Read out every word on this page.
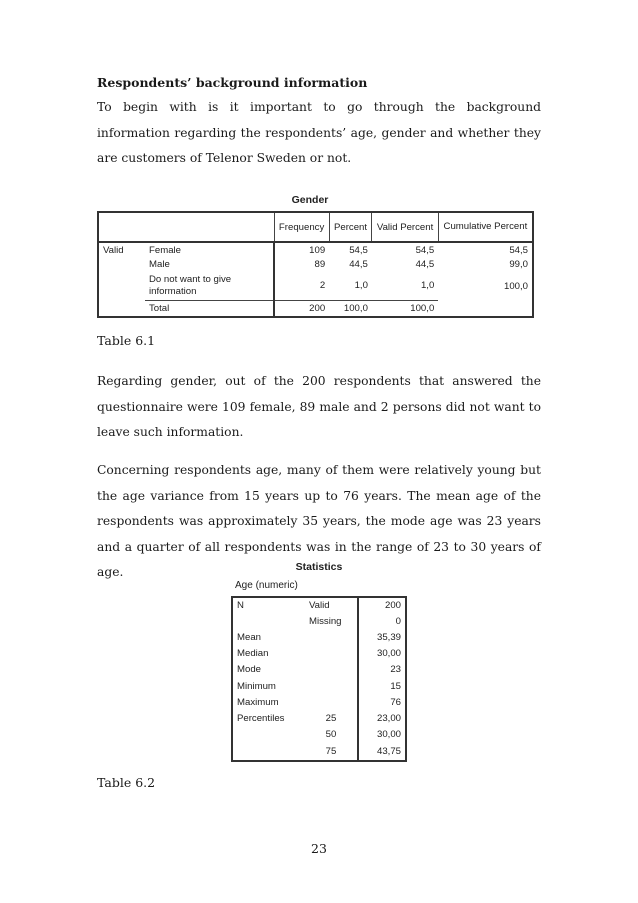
Respondents’ background information
To begin with is it important to go through the background information regarding the respondents’ age, gender and whether they are customers of Telenor Sweden or not.
Gender
		Frequency	Percent	Valid Percent	Cumulative Percent
Valid	Female	109	54,5	54,5	54,5
	Male	89	44,5	44,5	99,0
	Do not want to give information	2	1,0	1,0	100,0
	Total	200	100,0	100,0	
Table 6.1
Regarding gender, out of the 200 respondents that answered the questionnaire were 109 female, 89 male and 2 persons did not want to leave such information.
Concerning respondents age, many of them were relatively young but the age variance from 15 years up to 76 years. The mean age of the respondents was approximately 35 years, the mode age was 23 years and a quarter of all respondents was in the range of 23 to 30 years of age.	Statistics
Age (numeric)
N	Valid	200
	Missing	0
Mean		35,39
Median		30,00
Mode		23
Minimum		15
Maximum		76
Percentiles	25	23,00
	50	30,00
	75	43,75
Table 6.2
23
